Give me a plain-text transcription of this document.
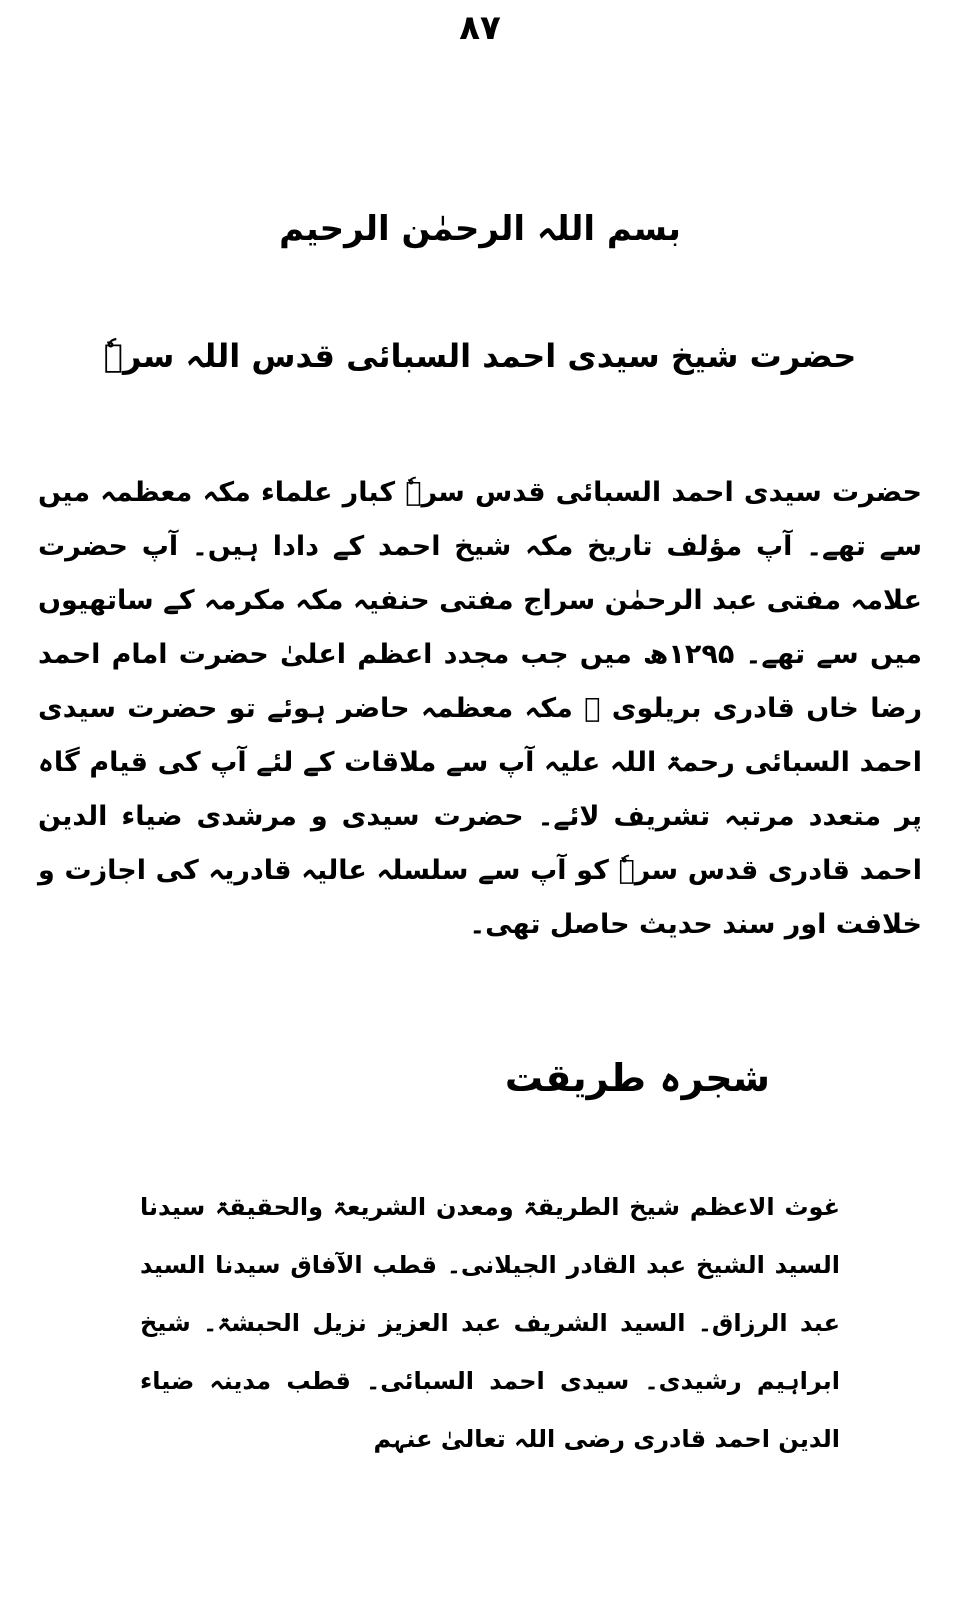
۸۷
بسم اللہ الرحمٰن الرحیم
حضرت شیخ سیدی احمد السبائی قدس اللہ سرہٗ
حضرت سیدی احمد السبائی قدس سرہٗ کبار علماء مکہ معظمہ میں سے تھے۔ آپ مؤلف تاریخ مکہ شیخ احمد کے دادا ہیں۔ آپ حضرت علامہ مفتی عبد الرحمٰن سراج مفتی حنفیہ مکہ مکرمہ کے ساتھیوں میں سے تھے۔ ۱۲۹۵ھ میں جب مجدد اعظم اعلیٰ حضرت امام احمد رضا خاں قادری بریلوی ﷫ مکہ معظمہ حاضر ہوئے تو حضرت سیدی احمد السبائی رحمۃ اللہ علیہ آپ سے ملاقات کے لئے آپ کی قیام گاہ پر متعدد مرتبہ تشریف لائے۔ حضرت سیدی و مرشدی ضیاء الدین احمد قادری قدس سرہٗ کو آپ سے سلسلہ عالیہ قادریہ کی اجازت و خلافت اور سند حدیث حاصل تھی۔
شجرہ طریقت
غوث الاعظم شیخ الطریقۃ ومعدن الشریعۃ والحقیقۃ سیدنا السید الشیخ عبد القادر الجیلانی۔ قطب الآفاق سیدنا السید عبد الرزاق۔ السید الشریف عبد العزیز نزیل الحبشۃ۔ شیخ ابراہیم رشیدی۔ سیدی احمد السبائی۔ قطب مدینہ ضیاء الدین احمد قادری رضی اللہ تعالیٰ عنہم
